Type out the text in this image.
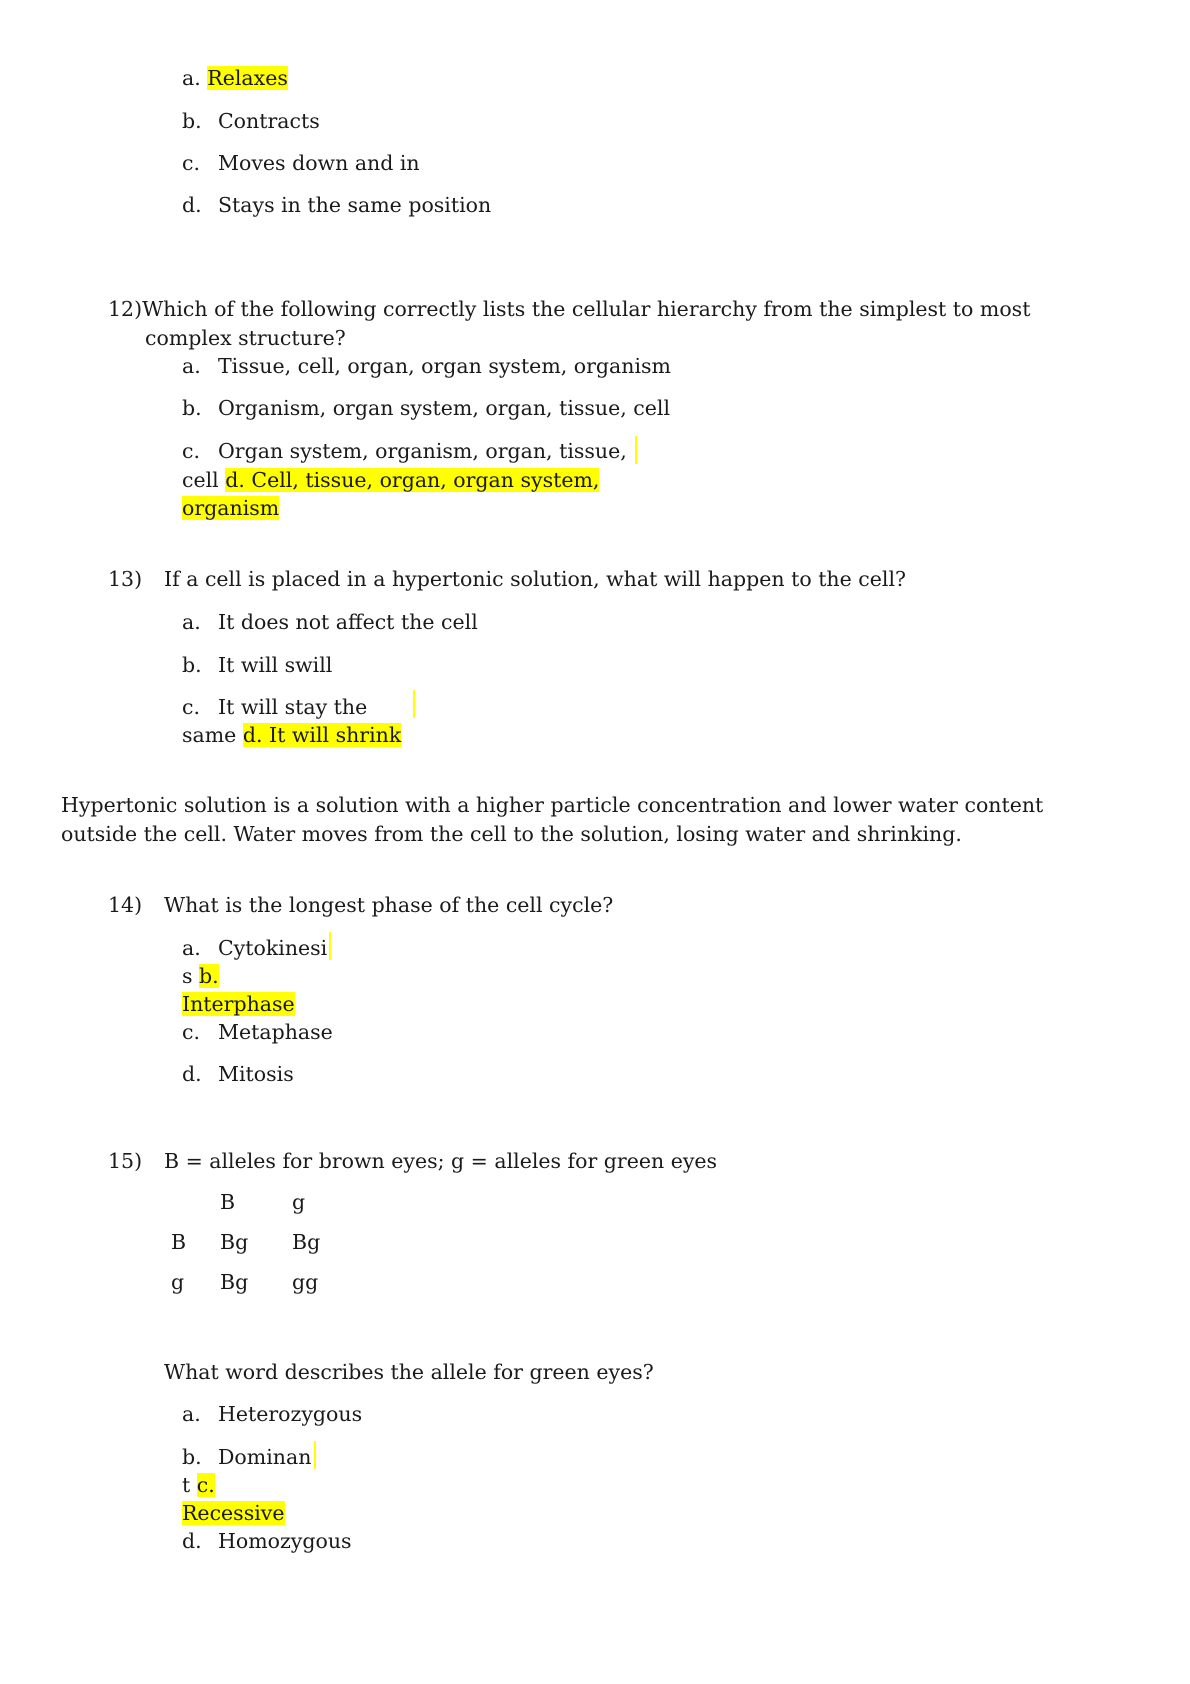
a. Relaxes
b. Contracts
c. Moves down and in
d. Stays in the same position
12)Which of the following correctly lists the cellular hierarchy from the simplest to most
complex structure?
a. Tissue, cell, organ, organ system, organism
b. Organism, organ system, organ, tissue, cell
c. Organ system, organism, organ, tissue,
cell d. Cell, tissue, organ, organ system,
organism
13) If a cell is placed in a hypertonic solution, what will happen to the cell?
a. It does not affect the cell
b. It will swill
c. It will stay the
same d. It will shrink
Hypertonic solution is a solution with a higher particle concentration and lower water content
outside the cell. Water moves from the cell to the solution, losing water and shrinking.
14) What is the longest phase of the cell cycle?
a. Cytokinesi
s b.
Interphase
c. Metaphase
d. Mitosis
15) B = alleles for brown eyes; g = alleles for green eyes
B	g
B Bg Bg
g Bg gg
What word describes the allele for green eyes?
a. Heterozygous
b. Dominan
t c.
Recessive
d. Homozygous
